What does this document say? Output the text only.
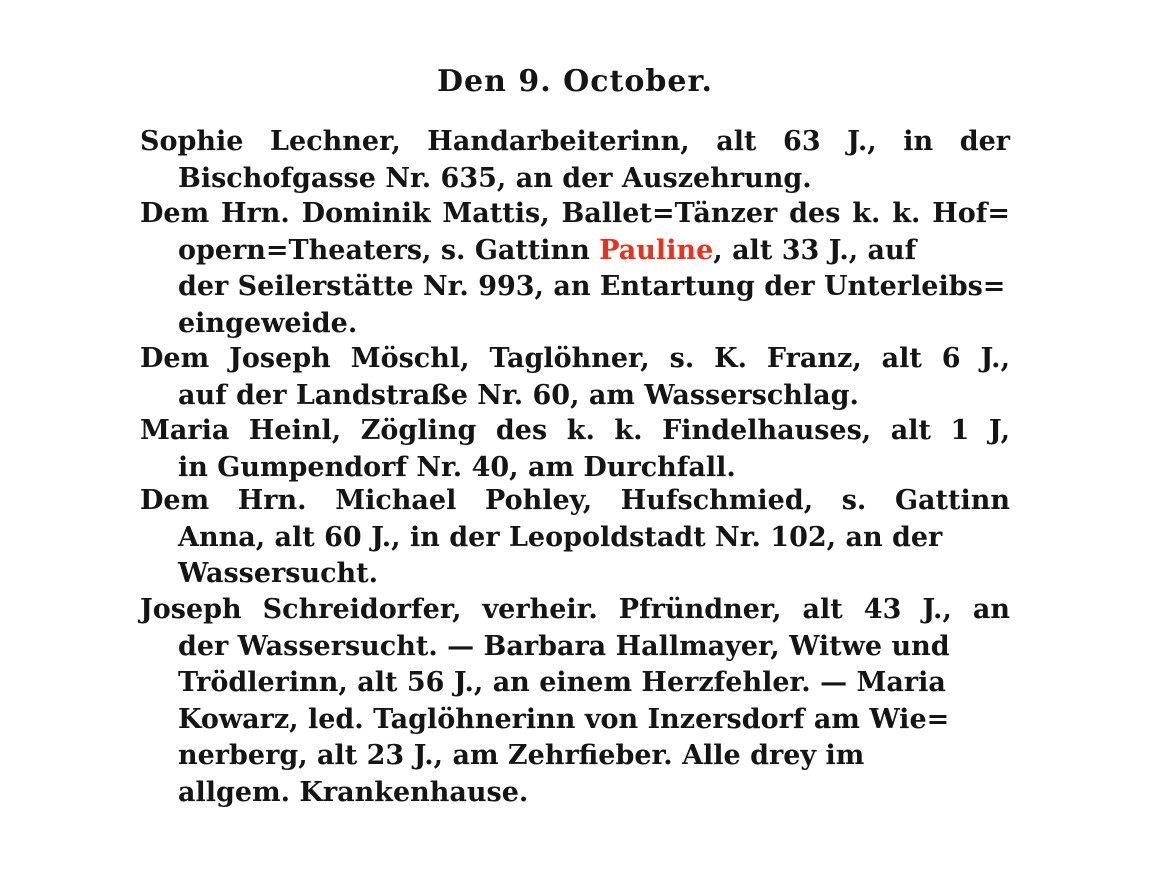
Den 9. October.
Sophie Lechner, Handarbeiterinn, alt 63 J., in der
Bischofgasse Nr. 635, an der Auszehrung.
Dem Hrn. Dominik Mattis, Ballet=Tänzer des k. k. Hof=
opern=Theaters, s. Gattinn Pauline, alt 33 J., auf
der Seilerstätte Nr. 993, an Entartung der Unterleibs=
eingeweide.
Dem Joseph Möschl, Taglöhner, s. K. Franz, alt 6 J.,
auf der Landstraße Nr. 60, am Wasserschlag.
Maria Heinl, Zögling des k. k. Findelhauses, alt 1 J,
in Gumpendorf Nr. 40, am Durchfall.
Dem Hrn. Michael Pohley, Hufschmied, s. Gattinn
Anna, alt 60 J., in der Leopoldstadt Nr. 102, an der
Wassersucht.
Joseph Schreidorfer, verheir. Pfründner, alt 43 J., an
der Wassersucht. — Barbara Hallmayer, Witwe und
Trödlerinn, alt 56 J., an einem Herzfehler. — Maria
Kowarz, led. Taglöhnerinn von Inzersdorf am Wie=
nerberg, alt 23 J., am Zehrfieber. Alle drey im
allgem. Krankenhause.
